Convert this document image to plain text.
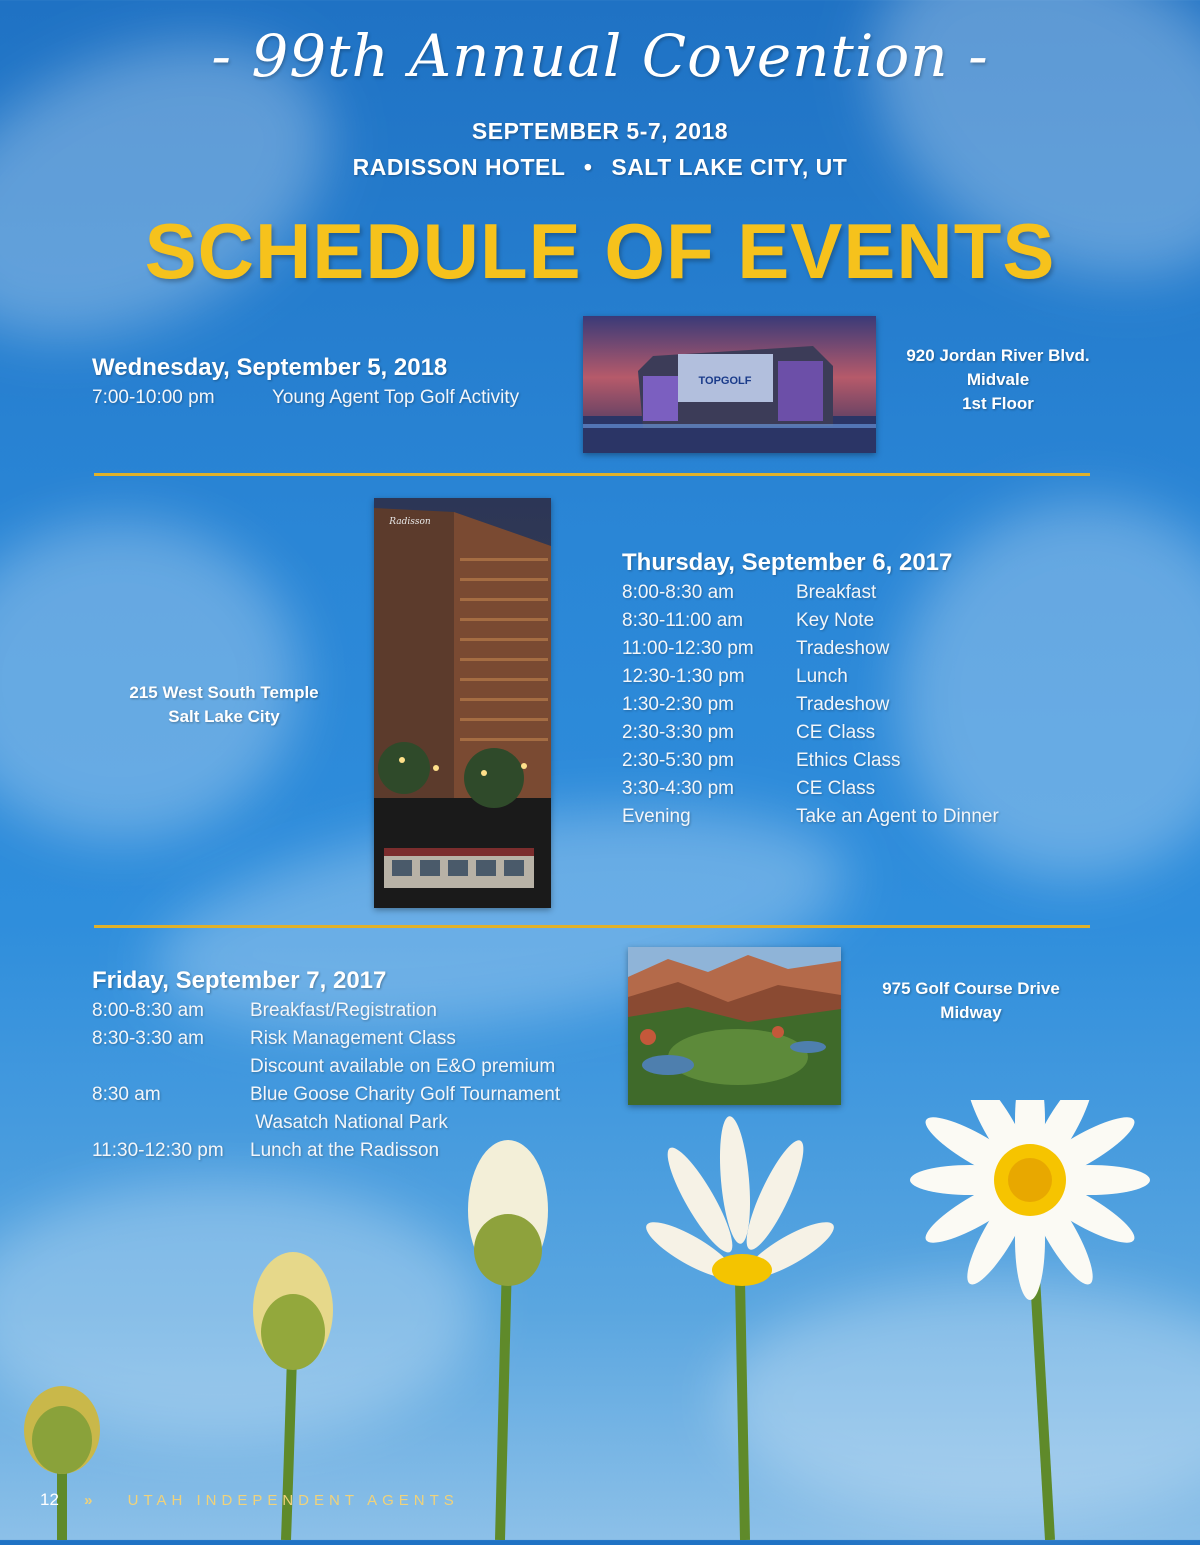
- 99th Annual Covention -
SEPTEMBER 5-7, 2018
RADISSON HOTEL • SALT LAKE CITY, UT
SCHEDULE OF EVENTS
Wednesday, September 5, 2018
7:00-10:00 pm	Young Agent Top Golf Activity
TOPGOLF
920 Jordan River Blvd.
Midvale
1st Floor
Radisson
215 West South Temple
Salt Lake City
Thursday, September 6, 2017
8:00-8:30 am	Breakfast
8:30-11:00 am	Key Note
11:00-12:30 pm Tradeshow
12:30-1:30 pm	Lunch
1:30-2:30 pm	Tradeshow
2:30-3:30 pm	CE Class
2:30-5:30 pm	Ethics Class
3:30-4:30 pm	CE Class
Evening	Take an Agent to Dinner
Friday, September 7, 2017
8:00-8:30 am Breakfast/Registration
8:30-3:30 am Risk Management Class
Discount available on E&O premium
8:30 am	Blue Goose Charity Golf Tournament
Wasatch National Park
11:30-12:30 pm Lunch at the Radisson
975 Golf Course Drive
Midway
12 » UTAH INDEPENDENT AGENTS
